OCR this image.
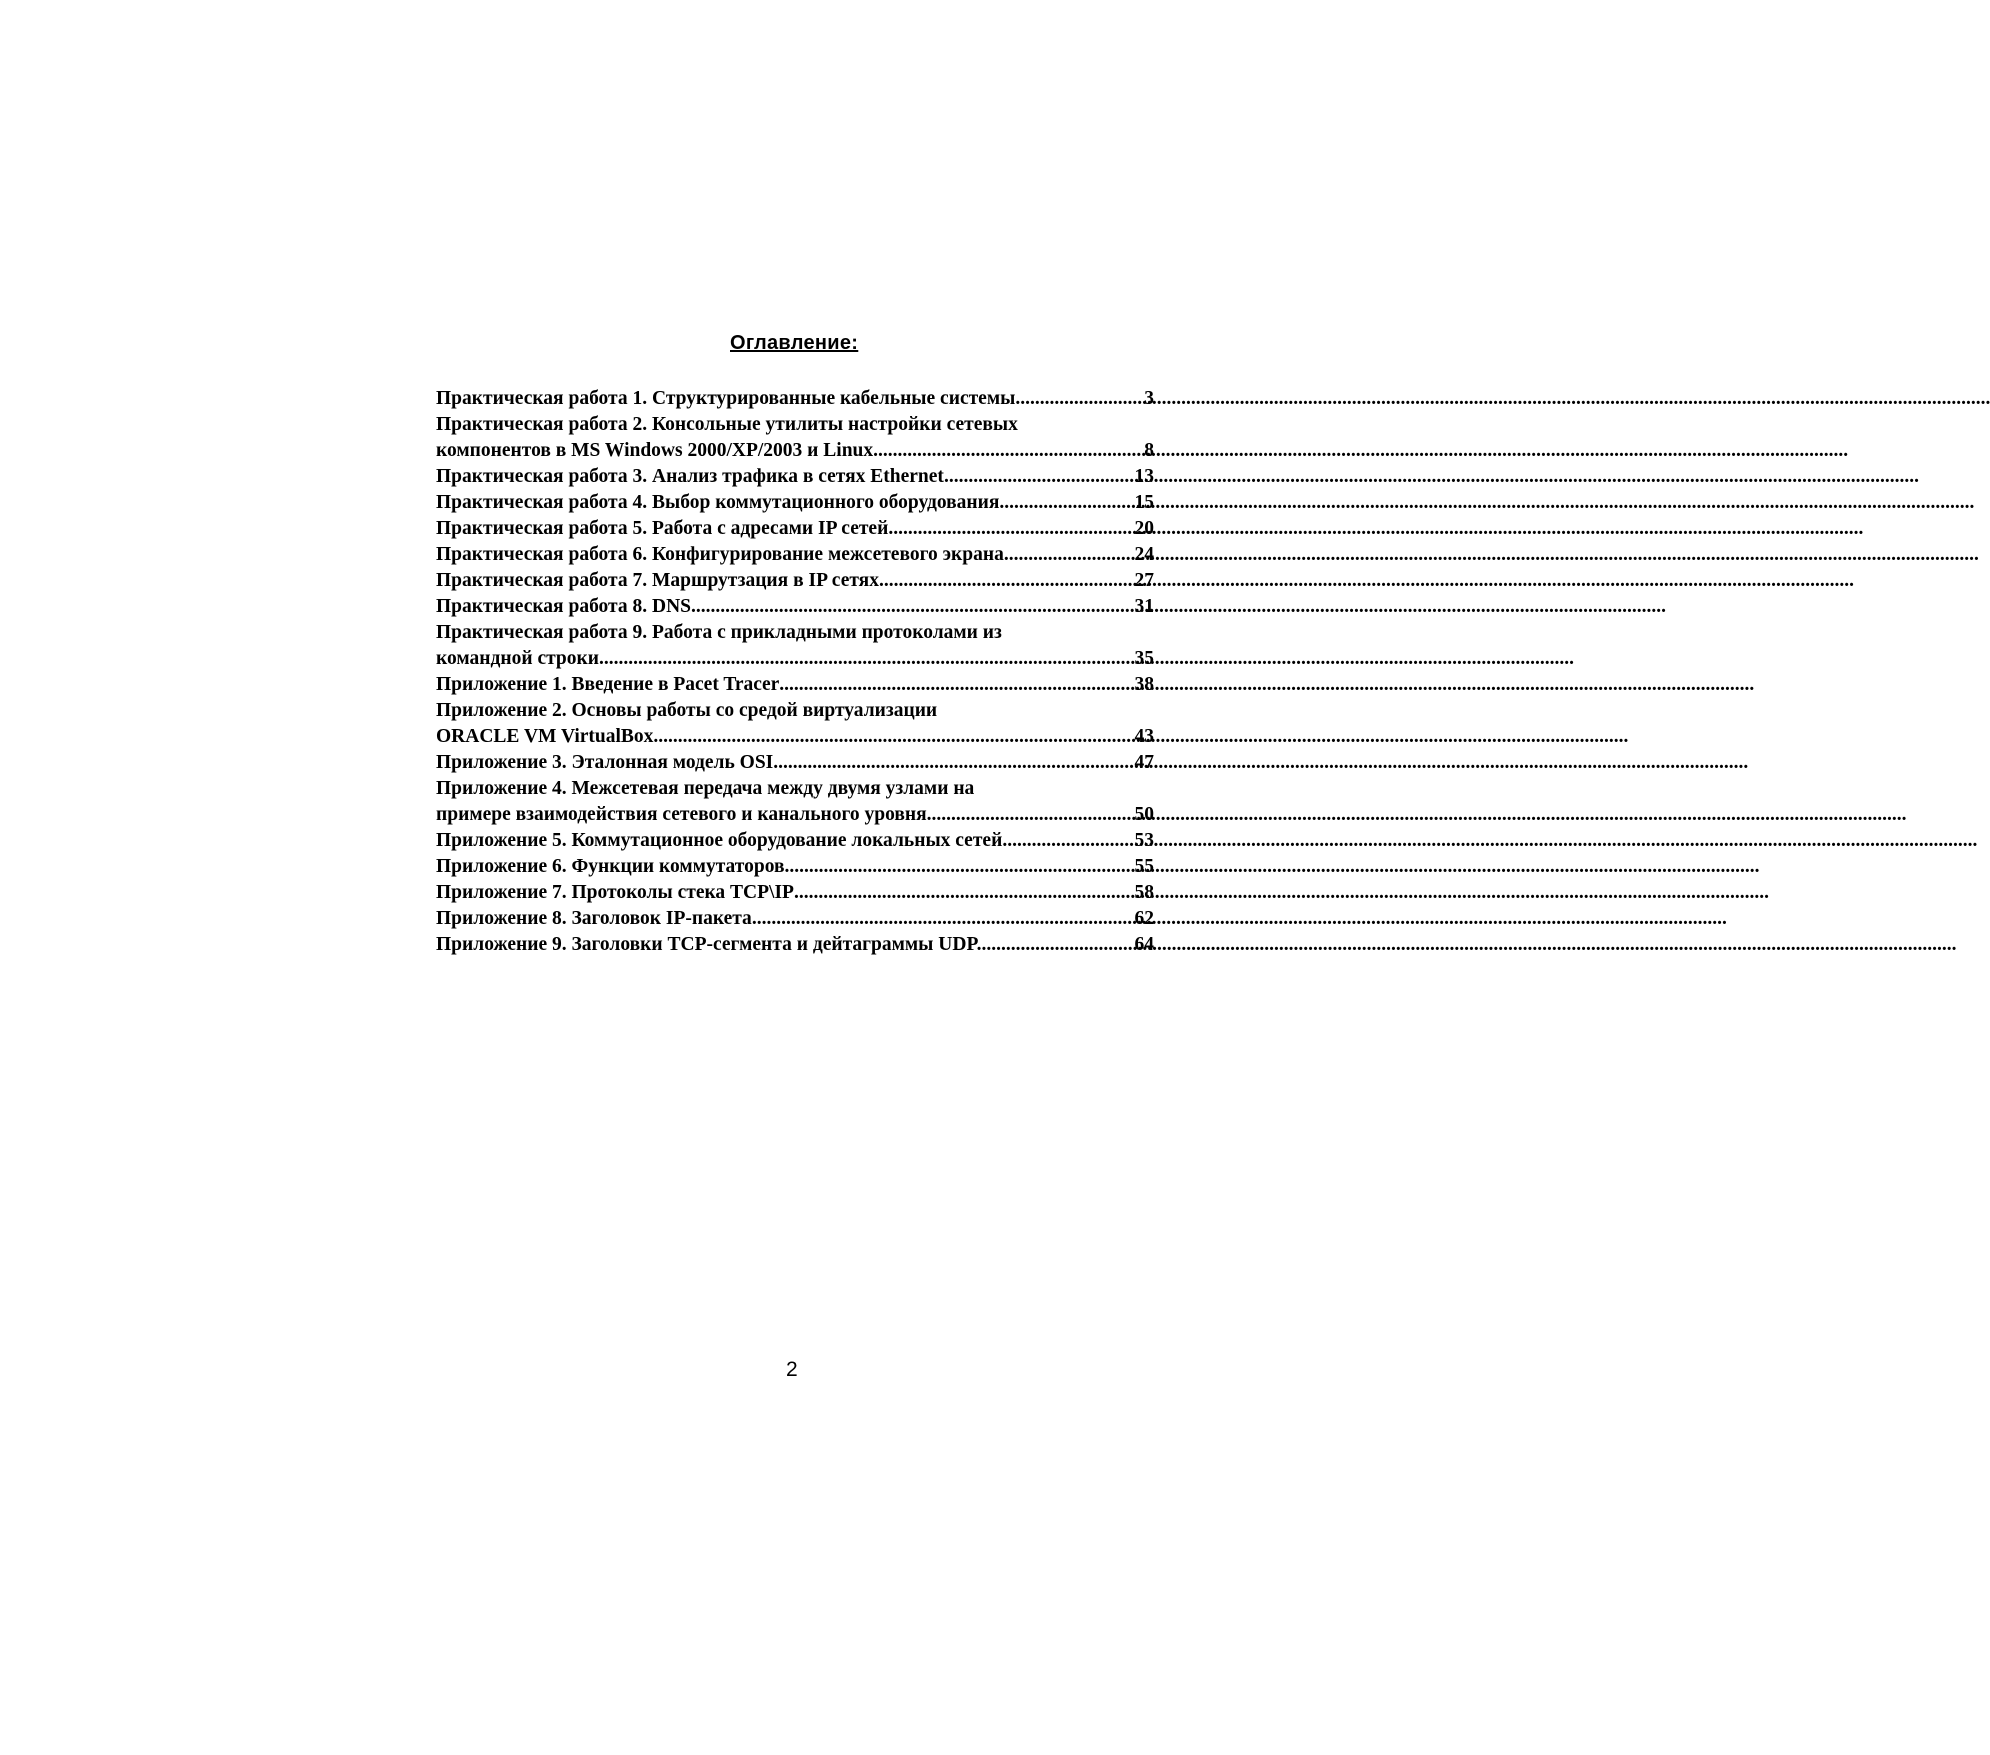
Оглавление:
Практическая работа 1. Структурированные кабельные системы .....	3
Практическая работа 2. Консольные утилиты настройки сетевых
компонентов в MS Windows 2000/XP/2003 и Linux .....	8
Практическая работа 3. Анализ трафика в сетях Ethernet .....	13
Практическая работа 4. Выбор коммутационного оборудования .....	15
Практическая работа 5. Работа с адресами IP сетей .....	20
Практическая работа 6. Конфигурирование межсетевого экрана .....	24
Практическая работа 7. Маршрутзация в IP сетях .....	27
Практическая работа 8. DNS .....	31
Практическая работа 9. Работа с прикладными протоколами из
командной строки .....	35
Приложение 1. Введение в Pacet Tracer .....	38
Приложение 2. Основы работы со средой виртуализации
ORACLE VM VirtualBox .....	43
Приложение 3. Эталонная модель OSI .....	47
Приложение 4. Межсетевая передача между двумя узлами на
примере взаимодействия сетевого и канального уровня. .....	50
Приложение 5. Коммутационное оборудование локальных сетей .....	53
Приложение 6. Функции коммутаторов .....	55
Приложение 7. Протоколы стека TCP\IP .....	58
Приложение 8. Заголовок IP-пакета .....	62
Приложение 9. Заголовки TCP-сегмента и дейтаграммы UDP. .....	64
2
